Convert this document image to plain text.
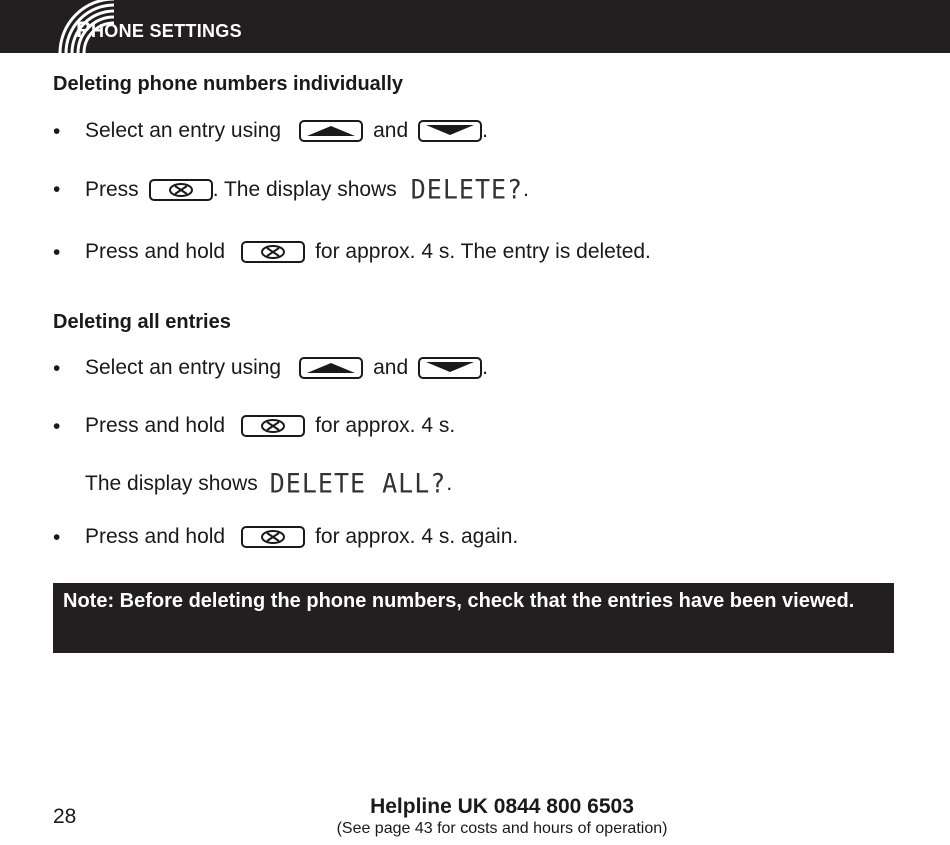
PHONE SETTINGS
Deleting phone numbers individually
• Select an entry using	and	.
• Press	. The display shows DELETE? .
• Press and hold	for approx. 4 s. The entry is deleted.
Deleting all entries
• Select an entry using	and	.
• Press and hold	for approx. 4 s.
The display shows DELETE ALL? .
• Press and hold	for approx. 4 s. again.
Note: Before deleting the phone numbers, check that the entries have been viewed.
28	Helpline UK 0844 800 6503
(See page 43 for costs and hours of operation)
